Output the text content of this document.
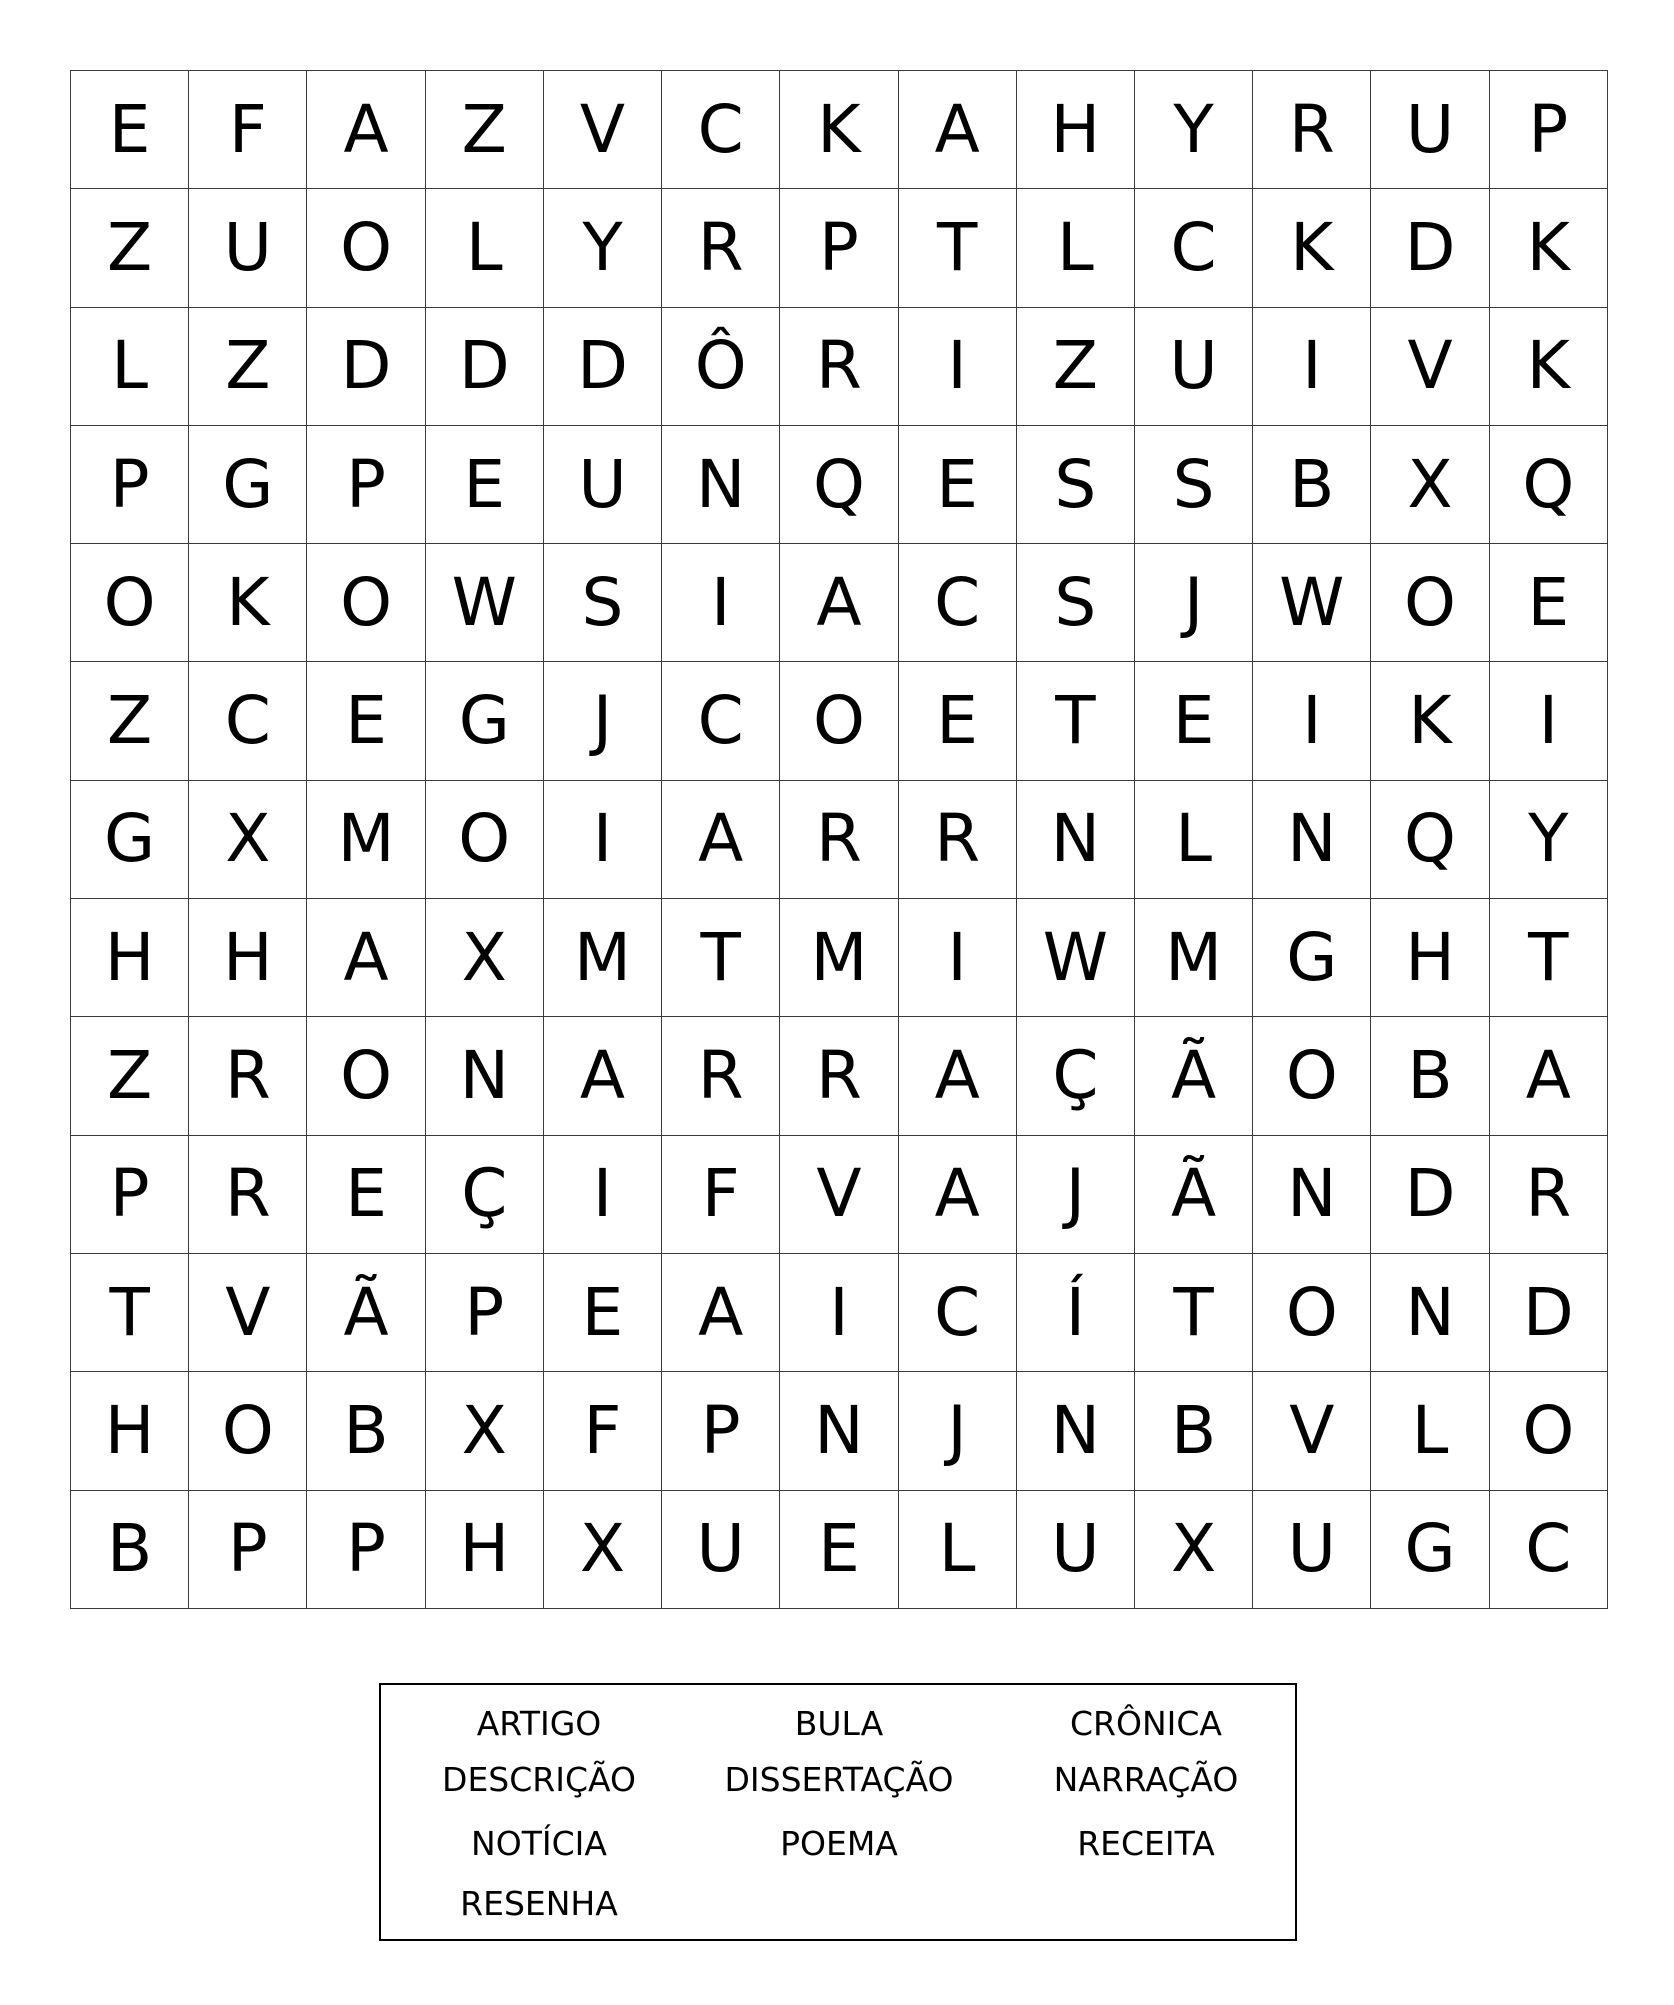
E	F	A	Z	V	C	K	A	H	Y	R	U	P
Z	U	O	L	Y	R	P	T	L	C	K	D	K
L	Z	D	D	D	Ô	R	I	Z	U	I	V	K
P	G	P	E	U	N	Q	E	S	S	B	X	Q
O	K	O	W	S	I	A	C	S	J	W	O	E
Z	C	E	G	J	C	O	E	T	E	I	K	I
G	X	M	O	I	A	R	R	N	L	N	Q	Y
H	H	A	X	M	T	M	I	W	M	G	H	T
Z	R	O	N	A	R	R	A	Ç	Ã	O	B	A
P	R	E	Ç	I	F	V	A	J	Ã	N	D	R
T	V	Ã	P	E	A	I	C	Í	T	O	N	D
H	O	B	X	F	P	N	J	N	B	V	L	O
B	P	P	H	X	U	E	L	U	X	U	G	C
ARTIGO	BULA	CRÔNICA
DESCRIÇÃO	DISSERTAÇÃO	NARRAÇÃO
NOTÍCIA	POEMA	RECEITA
RESENHA
